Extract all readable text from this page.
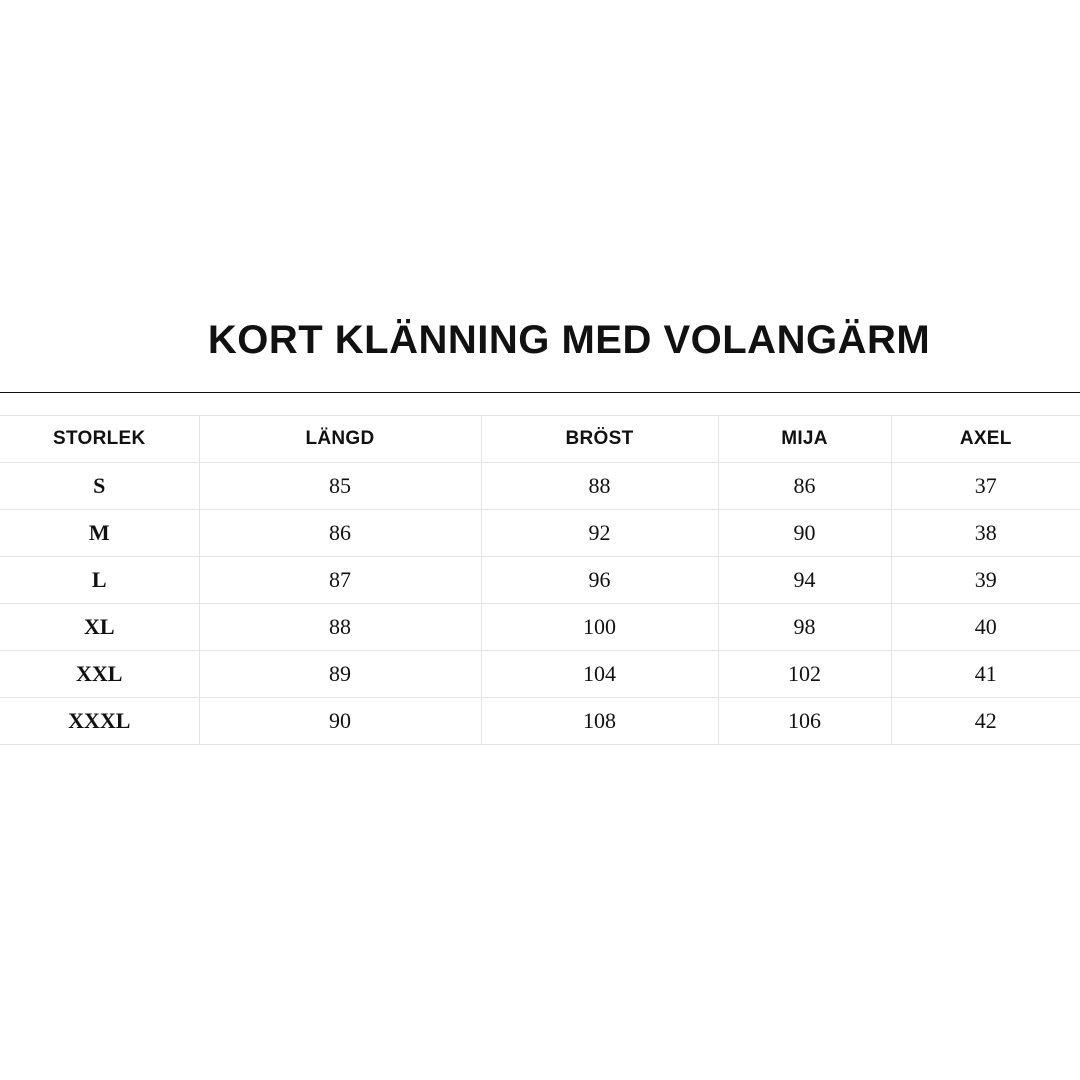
KORT KLÄNNING MED VOLANGÄRM
STORLEK	LÄNGD	BRÖST	MIJA	AXEL
S	85	88	86	37
M	86	92	90	38
L	87	96	94	39
XL	88	100	98	40
XXL	89	104	102	41
XXXL	90	108	106	42
